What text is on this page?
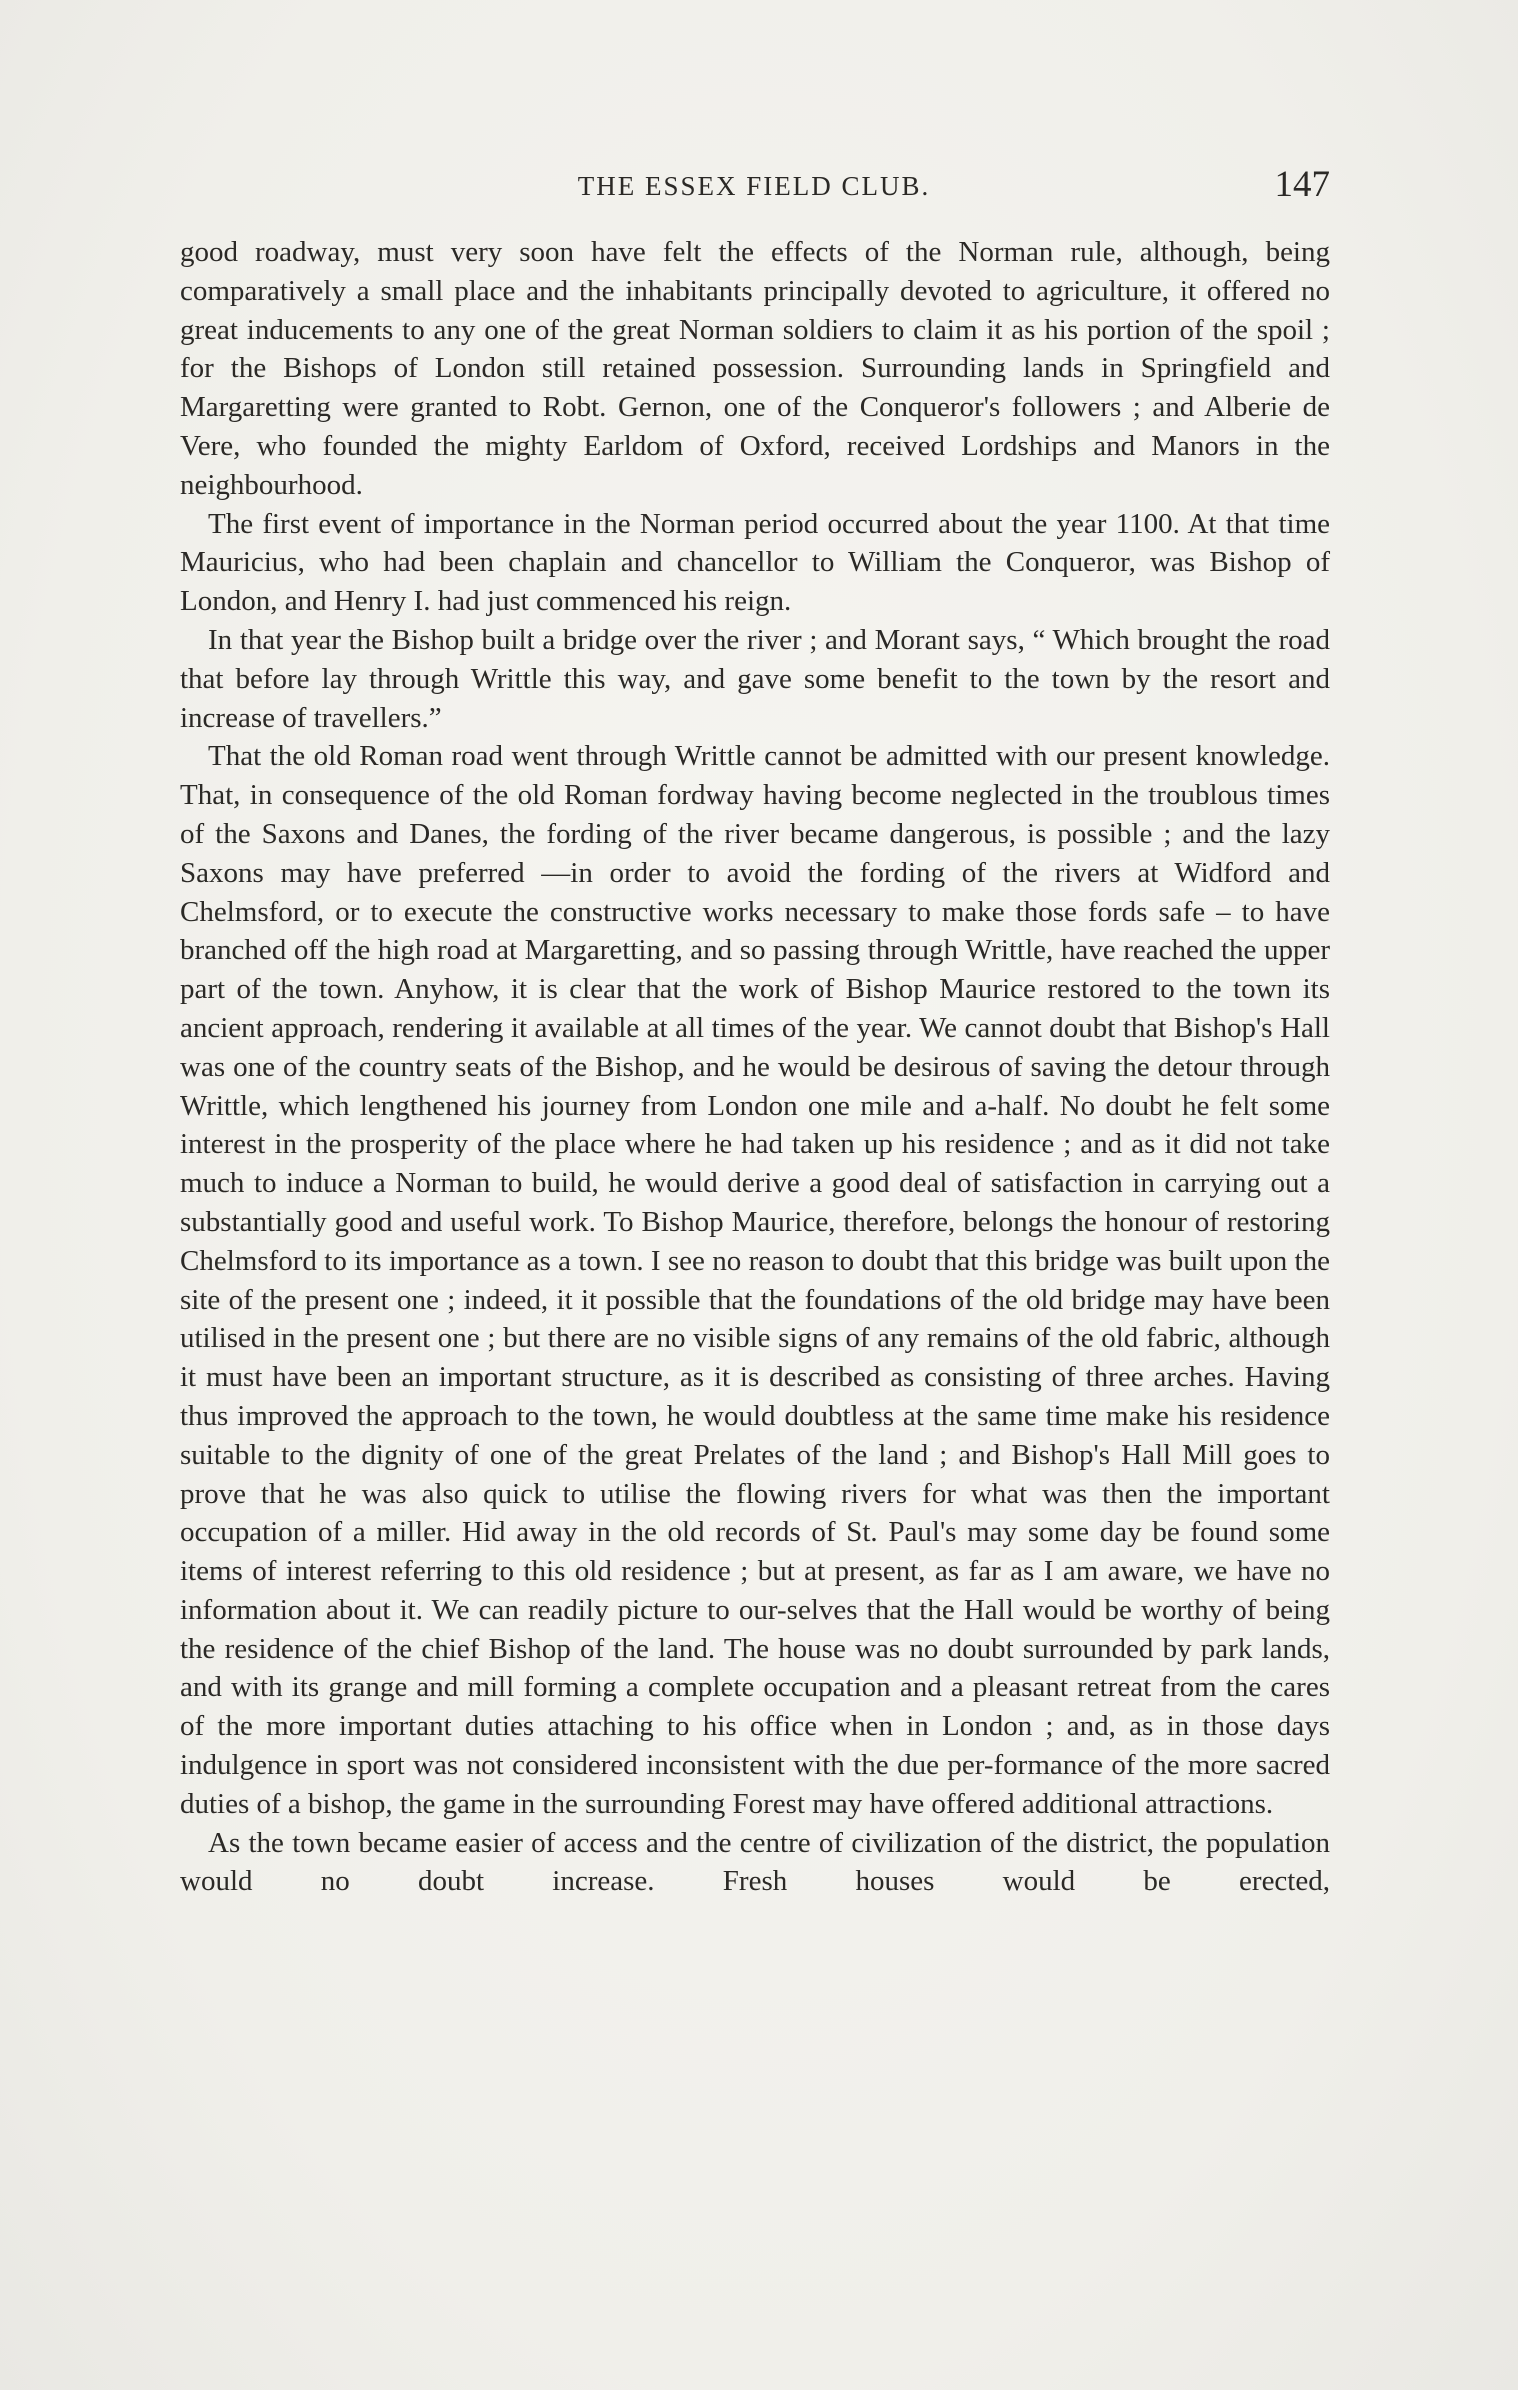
THE ESSEX FIELD CLUB.	147

good roadway, must very soon have felt the effects of the Norman rule, although, being comparatively a small place and the inhabitants principally devoted to agriculture, it offered no great inducements to any one of the great Norman soldiers to claim it as his portion of the spoil ; for the Bishops of London still retained possession. Surrounding lands in Springfield and Margaretting were granted to Robt. Gernon, one of the Conqueror's followers ; and Alberie de Vere, who founded the mighty Earldom of Oxford, received Lordships and Manors in the neighbourhood.

The first event of importance in the Norman period occurred about the year 1100. At that time Mauricius, who had been chaplain and chancellor to William the Conqueror, was Bishop of London, and Henry I. had just commenced his reign.

In that year the Bishop built a bridge over the river ; and Morant says, “ Which brought the road that before lay through Writtle this way, and gave some benefit to the town by the resort and increase of travellers.”

That the old Roman road went through Writtle cannot be admitted with our present knowledge. That, in consequence of the old Roman fordway having become neglected in the troublous times of the Saxons and Danes, the fording of the river became dangerous, is possible ; and the lazy Saxons may have preferred —in order to avoid the fording of the rivers at Widford and Chelmsford, or to execute the constructive works necessary to make those fords safe – to have branched off the high road at Margaretting, and so passing through Writtle, have reached the upper part of the town. Anyhow, it is clear that the work of Bishop Maurice restored to the town its ancient approach, rendering it available at all times of the year. We cannot doubt that Bishop's Hall was one of the country seats of the Bishop, and he would be desirous of saving the detour through Writtle, which lengthened his journey from London one mile and a-half. No doubt he felt some interest in the prosperity of the place where he had taken up his residence ; and as it did not take much to induce a Norman to build, he would derive a good deal of satisfaction in carrying out a substantially good and useful work. To Bishop Maurice, therefore, belongs the honour of restoring Chelmsford to its importance as a town. I see no reason to doubt that this bridge was built upon the site of the present one ; indeed, it it possible that the foundations of the old bridge may have been utilised in the present one ; but there are no visible signs of any remains of the old fabric, although it must have been an important structure, as it is described as consisting of three arches. Having thus improved the approach to the town, he would doubtless at the same time make his residence suitable to the dignity of one of the great Prelates of the land ; and Bishop's Hall Mill goes to prove that he was also quick to utilise the flowing rivers for what was then the important occupation of a miller. Hid away in the old records of St. Paul's may some day be found some items of interest referring to this old residence ; but at present, as far as I am aware, we have no information about it. We can readily picture to our-selves that the Hall would be worthy of being the residence of the chief Bishop of the land. The house was no doubt surrounded by park lands, and with its grange and mill forming a complete occupation and a pleasant retreat from the cares of the more important duties attaching to his office when in London ; and, as in those days indulgence in sport was not considered inconsistent with the due per-formance of the more sacred duties of a bishop, the game in the surrounding Forest may have offered additional attractions.

As the town became easier of access and the centre of civilization of the district, the population would no doubt increase. Fresh houses would be erected,
